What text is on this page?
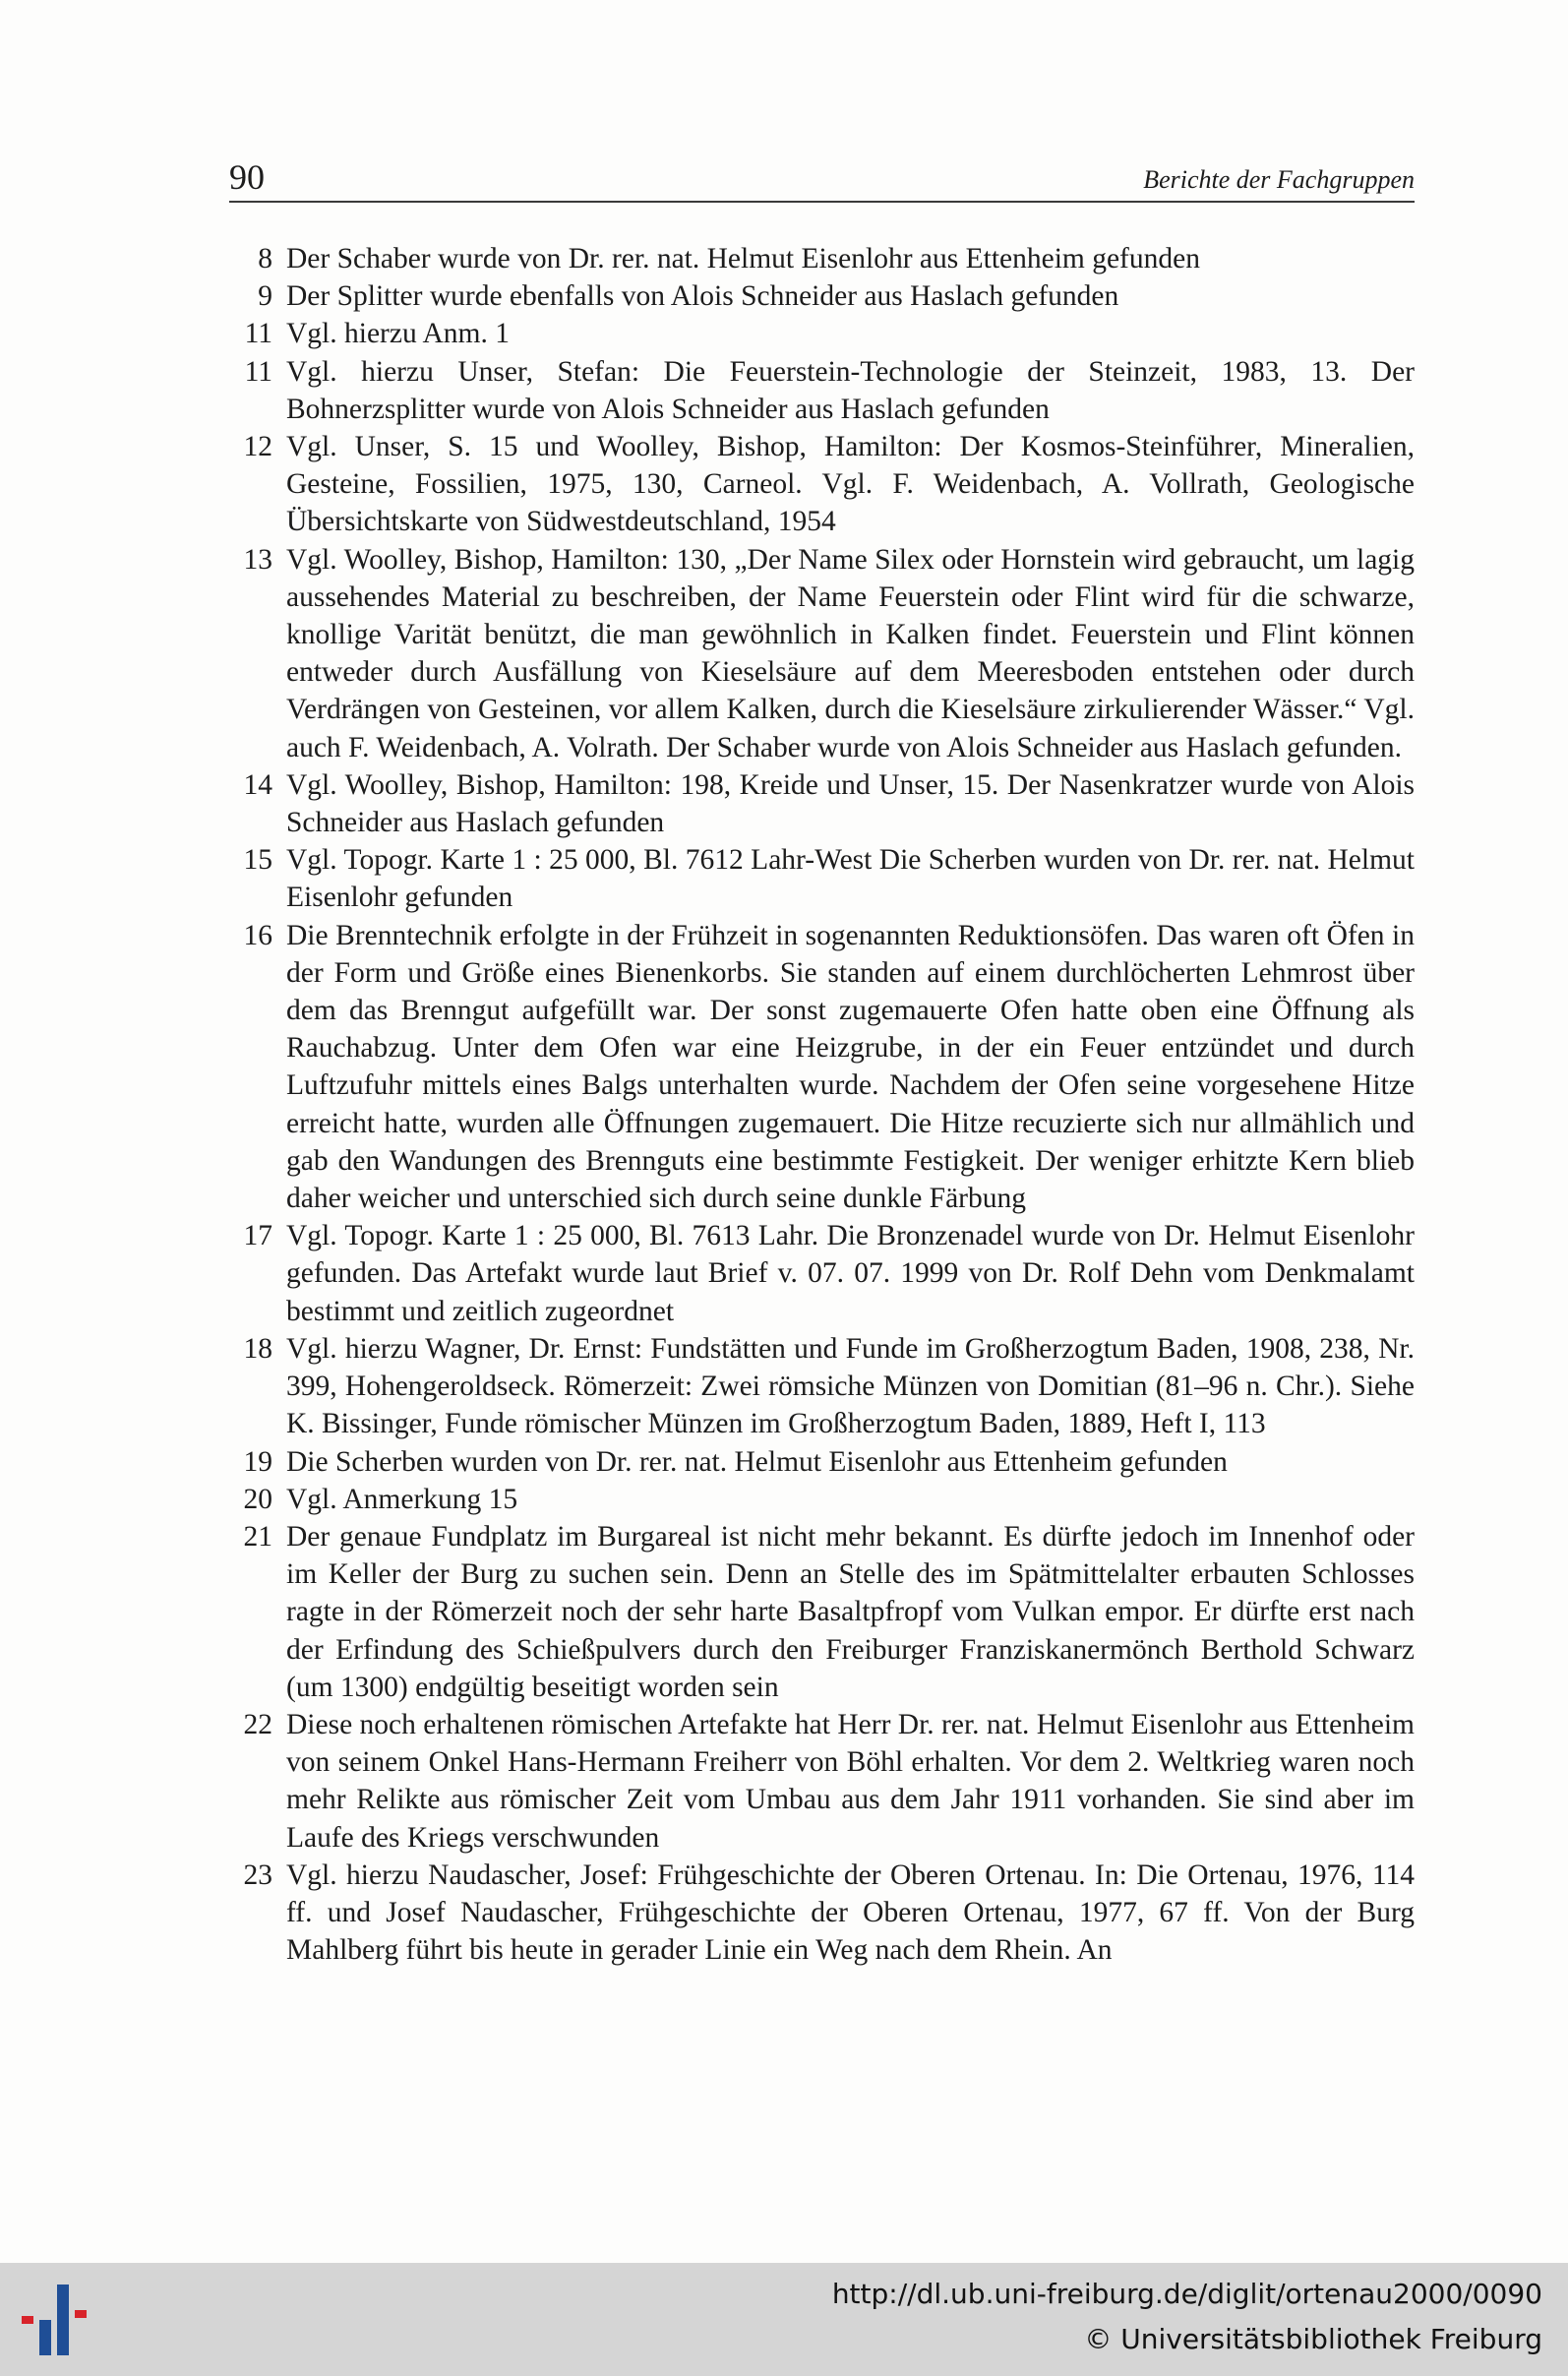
90	Berichte der Fachgruppen
8 Der Schaber wurde von Dr. rer. nat. Helmut Eisenlohr aus Ettenheim gefunden
9 Der Splitter wurde ebenfalls von Alois Schneider aus Haslach gefunden
11 Vgl. hierzu Anm. 1
11 Vgl. hierzu Unser, Stefan: Die Feuerstein-Technologie der Steinzeit, 1983, 13. Der Bohnerzsplitter wurde von Alois Schneider aus Haslach gefunden
12 Vgl. Unser, S. 15 und Woolley, Bishop, Hamilton: Der Kosmos-Steinführer, Mineralien, Gesteine, Fossilien, 1975, 130, Carneol. Vgl. F. Weidenbach, A. Vollrath, Geologische Übersichtskarte von Südwestdeutschland, 1954
13 Vgl. Woolley, Bishop, Hamilton: 130, „Der Name Silex oder Hornstein wird gebraucht, um lagig aussehendes Material zu beschreiben, der Name Feuerstein oder Flint wird für die schwarze, knollige Varität benützt, die man gewöhnlich in Kalken findet. Feuerstein und Flint können entweder durch Ausfällung von Kieselsäure auf dem Meeresboden entstehen oder durch Verdrängen von Gesteinen, vor allem Kalken, durch die Kieselsäure zirkulierender Wässer.“ Vgl. auch F. Weidenbach, A. Volrath. Der Schaber wurde von Alois Schneider aus Haslach gefunden.
14 Vgl. Woolley, Bishop, Hamilton: 198, Kreide und Unser, 15. Der Nasenkratzer wurde von Alois Schneider aus Haslach gefunden
15 Vgl. Topogr. Karte 1 : 25 000, Bl. 7612 Lahr-West Die Scherben wurden von Dr. rer. nat. Helmut Eisenlohr gefunden
16 Die Brenntechnik erfolgte in der Frühzeit in sogenannten Reduktionsöfen. Das waren oft Öfen in der Form und Größe eines Bienenkorbs. Sie standen auf einem durchlöcherten Lehmrost über dem das Brenngut aufgefüllt war. Der sonst zugemauerte Ofen hatte oben eine Öffnung als Rauchabzug. Unter dem Ofen war eine Heizgrube, in der ein Feuer entzündet und durch Luftzufuhr mittels eines Balgs unterhalten wurde. Nachdem der Ofen seine vorgesehene Hitze erreicht hatte, wurden alle Öffnungen zugemauert. Die Hitze recuzierte sich nur allmählich und gab den Wandungen des Brennguts eine bestimmte Festigkeit. Der weniger erhitzte Kern blieb daher weicher und unterschied sich durch seine dunkle Färbung
17 Vgl. Topogr. Karte 1 : 25 000, Bl. 7613 Lahr. Die Bronzenadel wurde von Dr. Helmut Eisenlohr gefunden. Das Artefakt wurde laut Brief v. 07. 07. 1999 von Dr. Rolf Dehn vom Denkmalamt bestimmt und zeitlich zugeordnet
18 Vgl. hierzu Wagner, Dr. Ernst: Fundstätten und Funde im Großherzogtum Baden, 1908, 238, Nr. 399, Hohengeroldseck. Römerzeit: Zwei römsiche Münzen von Domitian (81–96 n. Chr.). Siehe K. Bissinger, Funde römischer Münzen im Großherzogtum Baden, 1889, Heft I, 113
19 Die Scherben wurden von Dr. rer. nat. Helmut Eisenlohr aus Ettenheim gefunden
20 Vgl. Anmerkung 15
21 Der genaue Fundplatz im Burgareal ist nicht mehr bekannt. Es dürfte jedoch im Innenhof oder im Keller der Burg zu suchen sein. Denn an Stelle des im Spätmittelalter erbauten Schlosses ragte in der Römerzeit noch der sehr harte Basaltpfropf vom Vulkan empor. Er dürfte erst nach der Erfindung des Schießpulvers durch den Freiburger Franziskanermönch Berthold Schwarz (um 1300) endgültig beseitigt worden sein
22 Diese noch erhaltenen römischen Artefakte hat Herr Dr. rer. nat. Helmut Eisenlohr aus Ettenheim von seinem Onkel Hans-Hermann Freiherr von Böhl erhalten. Vor dem 2. Weltkrieg waren noch mehr Relikte aus römischer Zeit vom Umbau aus dem Jahr 1911 vorhanden. Sie sind aber im Laufe des Kriegs verschwunden
23 Vgl. hierzu Naudascher, Josef: Frühgeschichte der Oberen Ortenau. In: Die Ortenau, 1976, 114 ff. und Josef Naudascher, Frühgeschichte der Oberen Ortenau, 1977, 67 ff. Von der Burg Mahlberg führt bis heute in gerader Linie ein Weg nach dem Rhein. An
http://dl.ub.uni-freiburg.de/diglit/ortenau2000/0090
© Universitätsbibliothek Freiburg
